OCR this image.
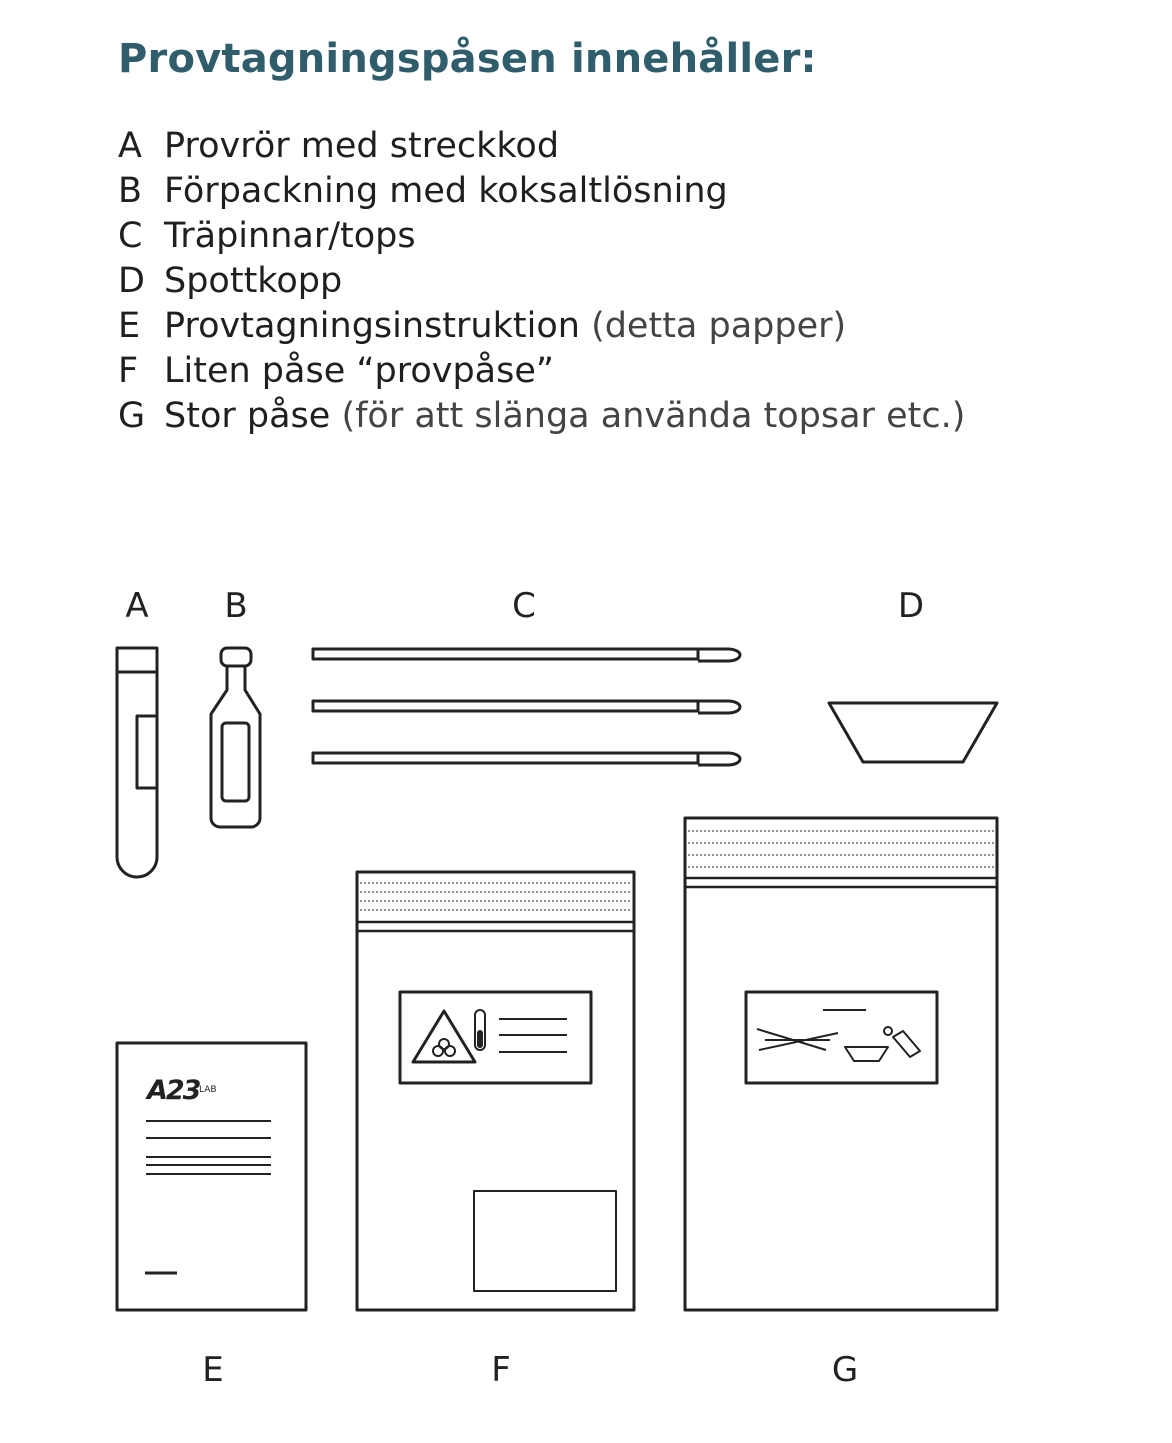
Provtagningspåsen innehåller:
A Provrör med streckkod
B Förpackning med koksaltlösning
C Träpinnar/tops
D Spottkopp
E Provtagningsinstruktion (detta papper)
F Liten påse “provpåse”
G Stor påse (för att slänga använda topsar etc.)
A B	C	D
E	F	G
A23 LAB
